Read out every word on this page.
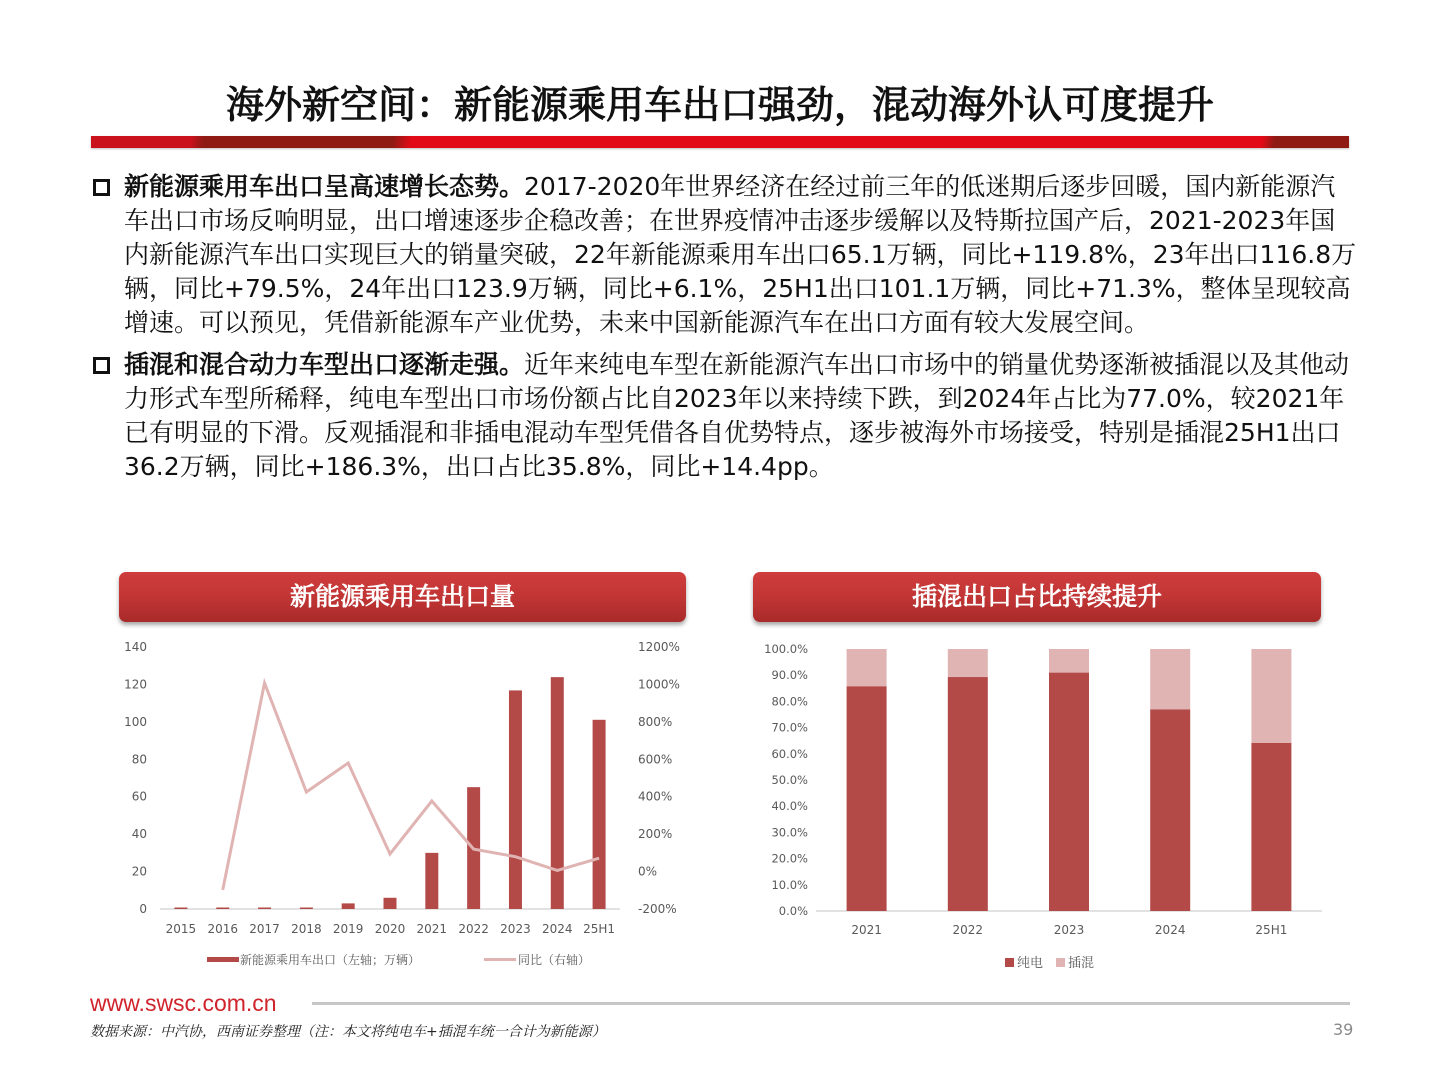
海外新空间：新能源乘用车出口强劲，混动海外认可度提升
新能源乘用车出口呈高速增长态势。2017-2020年世界经济在经过前三年的低迷期后逐步回暖，国内新能源汽车出口市场反响明显，出口增速逐步企稳改善；在世界疫情冲击逐步缓解以及特斯拉国产后，2021-2023年国内新能源汽车出口实现巨大的销量突破，22年新能源乘用车出口65.1万辆，同比+119.8%，23年出口116.8万辆，同比+79.5%，24年出口123.9万辆，同比+6.1%，25H1出口101.1万辆，同比+71.3%，整体呈现较高增速。可以预见，凭借新能源车产业优势，未来中国新能源汽车在出口方面有较大发展空间。
插混和混合动力车型出口逐渐走强。近年来纯电车型在新能源汽车出口市场中的销量优势逐渐被插混以及其他动力形式车型所稀释，纯电车型出口市场份额占比自2023年以来持续下跌，到2024年占比为77.0%，较2021年已有明显的下滑。反观插混和非插电混动车型凭借各自优势特点，逐步被海外市场接受，特别是插混25H1出口36.2万辆，同比+186.3%，出口占比35.8%，同比+14.4pp。
新能源乘用车出口量
0
20
40
60
80
100
120
140
-200%
0%
200%
400%
600%
800%
1000%
1200%
2015 2016 2017 2018 2019 2020 2021 2022 2023 2024 25H1
新能源乘用车出口（左轴；万辆）	同比（右轴）
插混出口占比持续提升
0.0%
10.0%
20.0%
30.0%
40.0%
50.0%
60.0%
70.0%
80.0%
90.0%
100.0%
2021	2022	2023	2024	25H1
纯电 插混
www.swsc.com.cn
数据来源：中汽协，西南证券整理（注：本文将纯电车+插混车统一合计为新能源）	39
